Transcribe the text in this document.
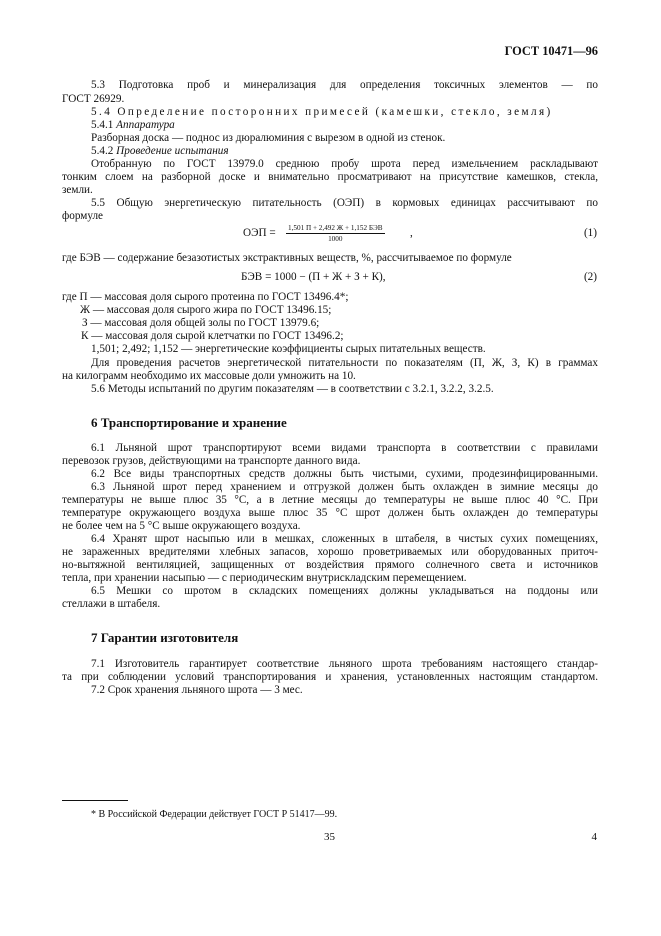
ГОСТ 10471—96
5.3 Подготовка проб и минерализация для определения токсичных элементов — по
ГОСТ 26929.
5.4 Определение посторонних примесей (камешки, стекло, земля)
5.4.1 Аппаратура
Разборная доска — поднос из дюралюминия с вырезом в одной из стенок.
5.4.2 Проведение испытания
Отобранную по ГОСТ 13979.0 среднюю пробу шрота перед измельчением раскладывают
тонким слоем на разборной доске и внимательно просматривают на присутствие камешков, стекла,
земли.
5.5 Общую энергетическую питательность (ОЭП) в кормовых единицах рассчитывают по
формуле
ОЭП = 1,501 П + 2,492 Ж + 1,152 БЭВ
1000	,	(1)
где БЭВ — содержание безазотистых экстрактивных веществ, %, рассчитываемое по формуле
БЭВ = 1000 − (П + Ж + З + К),	(2)
где П — массовая доля сырого протеина по ГОСТ 13496.4*;
Ж — массовая доля сырого жира по ГОСТ 13496.15;
З — массовая доля общей золы по ГОСТ 13979.6;
К — массовая доля сырой клетчатки по ГОСТ 13496.2;
1,501; 2,492; 1,152 — энергетические коэффициенты сырых питательных веществ.
Для проведения расчетов энергетической питательности по показателям (П, Ж, З, К) в граммах
на килограмм необходимо их массовые доли умножить на 10.
5.6 Методы испытаний по другим показателям — в соответствии с 3.2.1, 3.2.2, 3.2.5.
6 Транспортирование и хранение
6.1 Льняной шрот транспортируют всеми видами транспорта в соответствии с правилами
перевозок грузов, действующими на транспорте данного вида.
6.2 Все виды транспортных средств должны быть чистыми, сухими, продезинфицированными.
6.3 Льняной шрот перед хранением и отгрузкой должен быть охлажден в зимние месяцы до
температуры не выше плюс 35 °С, а в летние месяцы до температуры не выше плюс 40 °С. При
температуре окружающего воздуха выше плюс 35 °С шрот должен быть охлажден до температуры
не более чем на 5 °С выше окружающего воздуха.
6.4 Хранят шрот насыпью или в мешках, сложенных в штабеля, в чистых сухих помещениях,
не зараженных вредителями хлебных запасов, хорошо проветриваемых или оборудованных приточ-
но-вытяжной вентиляцией, защищенных от воздействия прямого солнечного света и источников
тепла, при хранении насыпью — с периодическим внутрискладским перемещением.
6.5 Мешки со шротом в складских помещениях должны укладываться на поддоны или
стеллажи в штабеля.
7 Гарантии изготовителя
7.1 Изготовитель гарантирует соответствие льняного шрота требованиям настоящего стандар-
та при соблюдении условий транспортирования и хранения, установленных настоящим стандартом.
7.2 Срок хранения льняного шрота — 3 мес.
* В Российской Федерации действует ГОСТ Р 51417—99.
35	4
